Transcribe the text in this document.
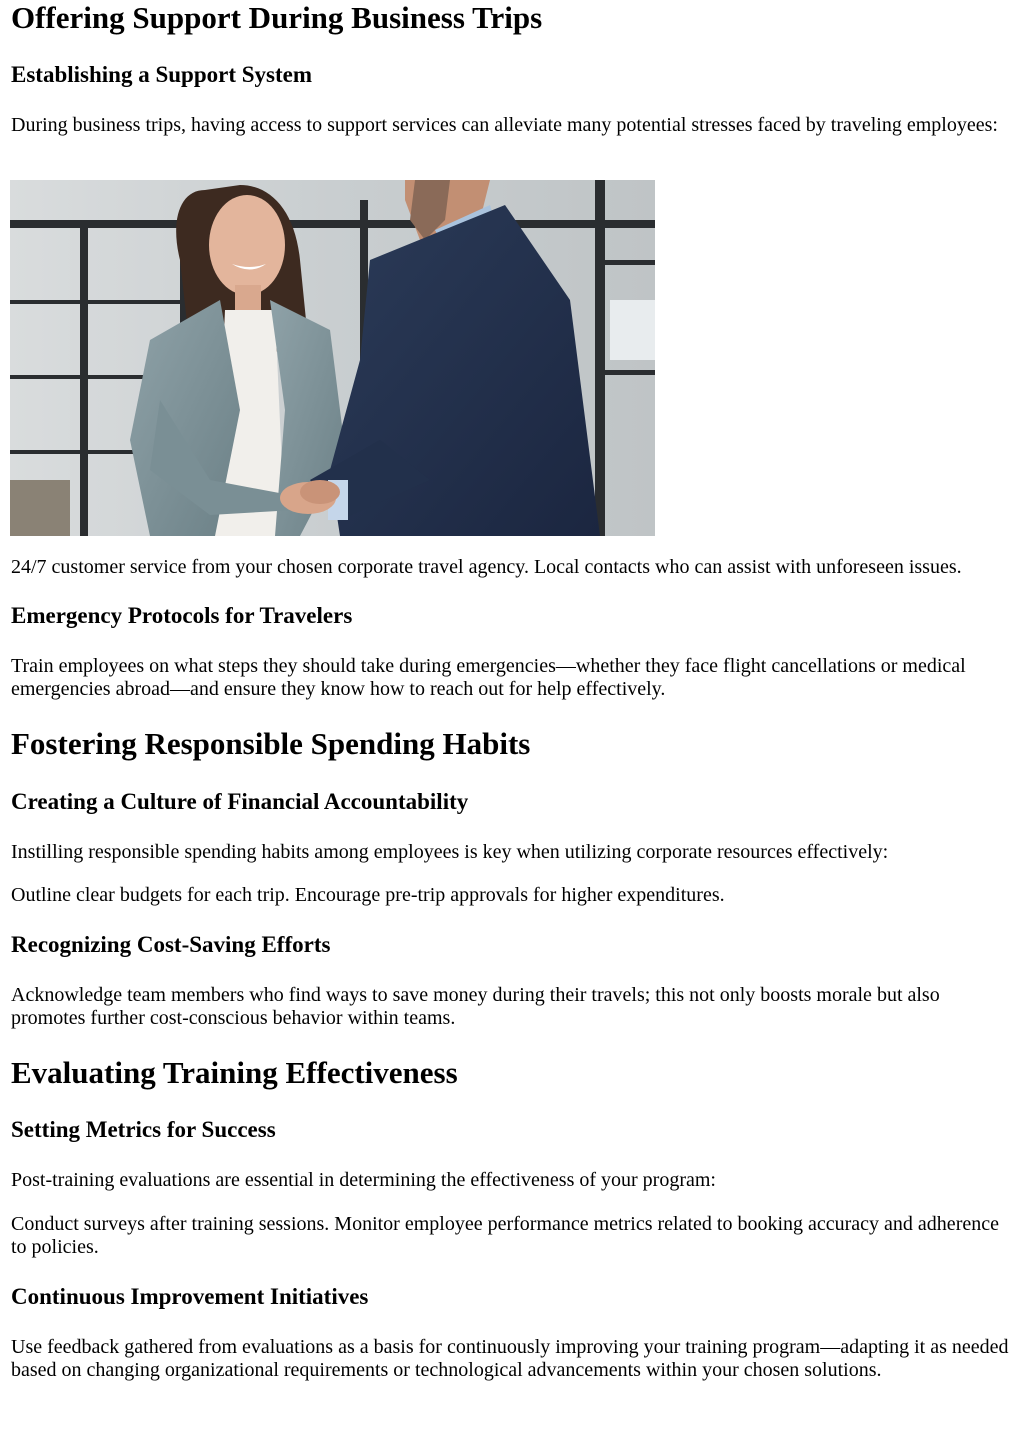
Offering Support During Business Trips
Establishing a Support System

During business trips, having access to support services can alleviate many potential stresses faced by traveling employees:

24/7 customer service from your chosen corporate travel agency. Local contacts who can assist with unforeseen issues.

Emergency Protocols for Travelers

Train employees on what steps they should take during emergencies—whether they face flight cancellations or medical emergencies abroad—and ensure they know how to reach out for help effectively.

Fostering Responsible Spending Habits
Creating a Culture of Financial Accountability

Instilling responsible spending habits among employees is key when utilizing corporate resources effectively:

Outline clear budgets for each trip. Encourage pre-trip approvals for higher expenditures.

Recognizing Cost-Saving Efforts

Acknowledge team members who find ways to save money during their travels; this not only boosts morale but also promotes further cost-conscious behavior within teams.

Evaluating Training Effectiveness
Setting Metrics for Success

Post-training evaluations are essential in determining the effectiveness of your program:

Conduct surveys after training sessions. Monitor employee performance metrics related to booking accuracy and adherence to policies.

Continuous Improvement Initiatives

Use feedback gathered from evaluations as a basis for continuously improving your training program—adapting it as needed based on changing organizational requirements or technological advancements within your chosen solutions.
